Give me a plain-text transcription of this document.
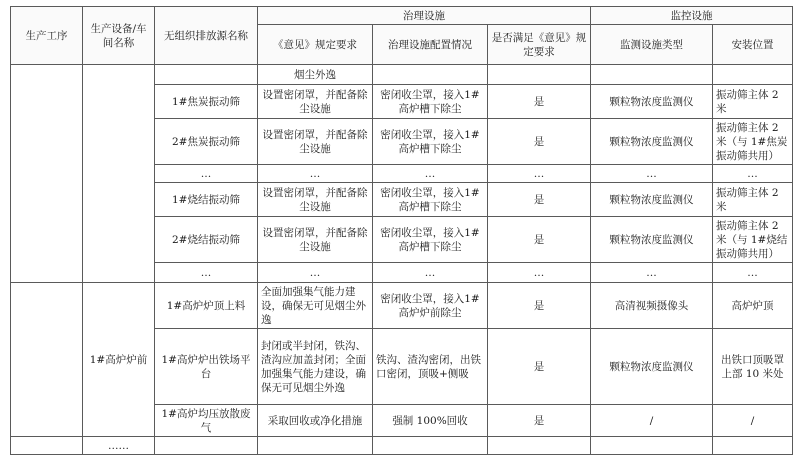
生产工序	生产设备/车间名称	无组织排放源名称	治理设施			监控设施	
			《意见》规定要求	治理设施配置情况	是否满足《意见》规定要求	监测设施类型	安装位置
			烟尘外逸				
		1#焦炭振动筛	设置密闭罩，并配备除尘设施	密闭收尘罩，接入1#高炉槽下除尘	是	颗粒物浓度监测仪	振动筛主体 2 米
		2#焦炭振动筛	设置密闭罩，并配备除尘设施	密闭收尘罩，接入1#高炉槽下除尘	是	颗粒物浓度监测仪	振动筛主体 2 米（与 1#焦炭振动筛共用）
		…	…	…	…	…	…
		1#烧结振动筛	设置密闭罩，并配备除尘设施	密闭收尘罩，接入1#高炉槽下除尘	是	颗粒物浓度监测仪	振动筛主体 2 米
		2#烧结振动筛	设置密闭罩，并配备除尘设施	密闭收尘罩，接入1#高炉槽下除尘	是	颗粒物浓度监测仪	振动筛主体 2 米（与 1#烧结振动筛共用）
		…	…	…	…	…	…
	1#高炉炉前	1#高炉炉顶上料	全面加强集气能力建设，确保无可见烟尘外逸	密闭收尘罩，接入1#高炉炉前除尘	是	高清视频摄像头	高炉炉顶
		1#高炉炉出铁场平台	封闭或半封闭，铁沟、渣沟应加盖封闭；全面加强集气能力建设，确保无可见烟尘外逸	铁沟、渣沟密闭，出铁口密闭，顶吸+侧吸	是	颗粒物浓度监测仪	出铁口顶吸罩上部 10 米处
		1#高炉均压放散废气	采取回收或净化措施	强制 100%回收	是	/	/
	……						
